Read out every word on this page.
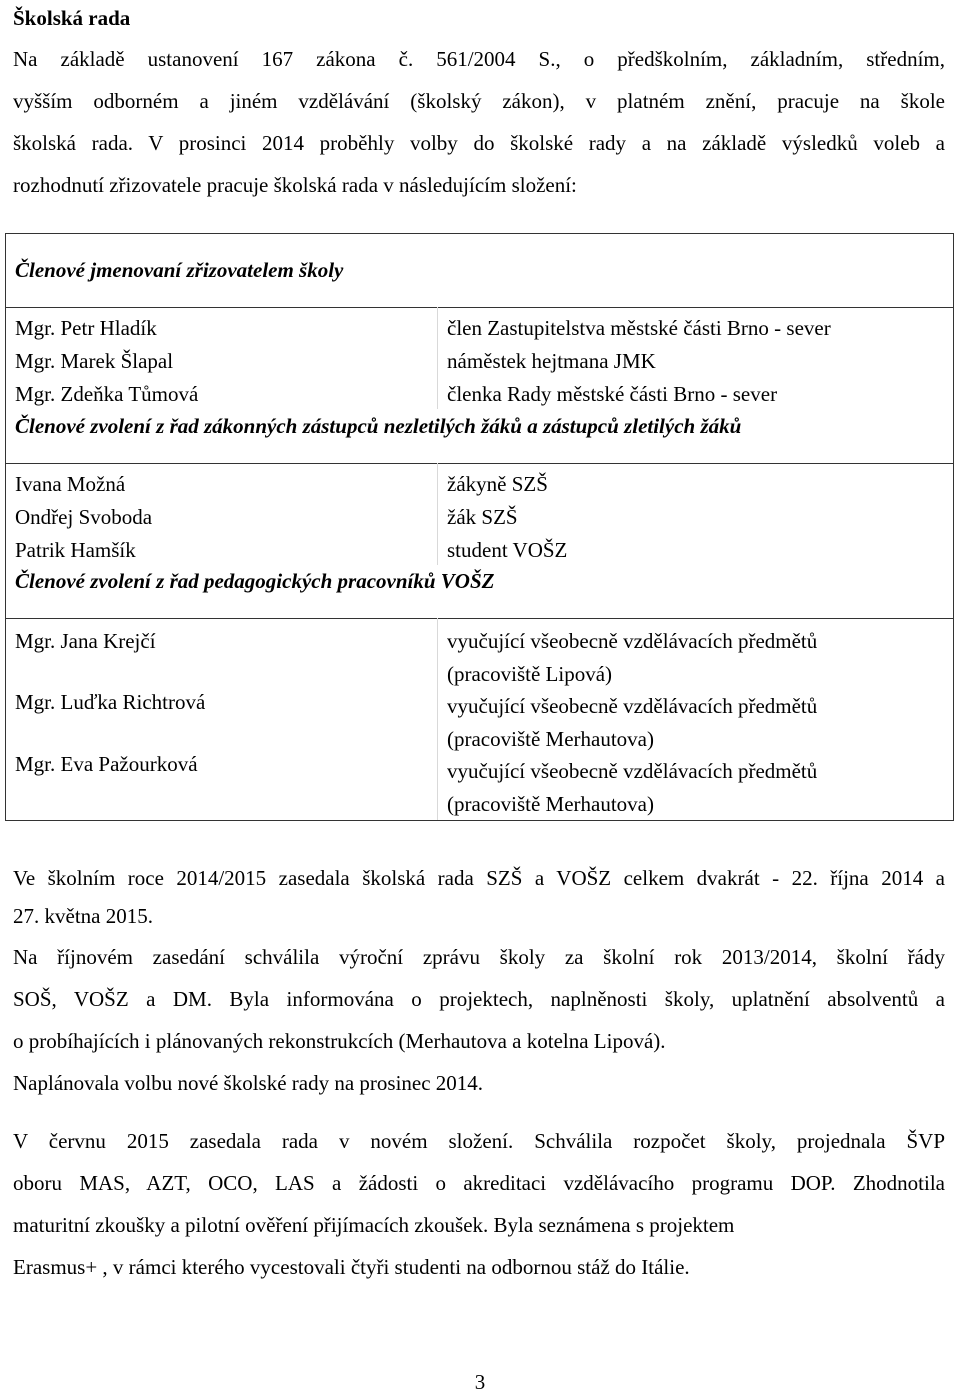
Školská rada
Na základě ustanovení 167 zákona č. 561/2004 S., o předškolním, základním, středním,
vyšším odborném a jiném vzdělávání (školský zákon), v platném znění, pracuje na škole
školská rada. V prosinci 2014 proběhly volby do školské rady a na základě výsledků voleb a
rozhodnutí zřizovatele pracuje školská rada v následujícím složení:
Členové jmenovaní zřizovatelem školy
Mgr. Petr Hladík	člen Zastupitelstva městské části Brno - sever
Mgr. Marek Šlapal	náměstek hejtmana JMK
Mgr. Zdeňka Tůmová	členka Rady městské části Brno - sever
Členové zvolení z řad zákonných zástupců nezletilých žáků a zástupců zletilých žáků
Ivana Možná	žákyně SZŠ
Ondřej Svoboda	žák SZŠ
Patrik Hamšík	student VOŠZ
Členové zvolení z řad pedagogických pracovníků VOŠZ
Mgr. Jana Krejčí	vyučující všeobecně vzdělávacích předmětů
(pracoviště Lipová)
Mgr. Luďka Richtrová	vyučující všeobecně vzdělávacích předmětů
(pracoviště Merhautova)
Mgr. Eva Pažourková	vyučující všeobecně vzdělávacích předmětů
(pracoviště Merhautova)
Ve školním roce 2014/2015 zasedala školská rada SZŠ a VOŠZ celkem dvakrát - 22. října 2014 a
27. května 2015.
Na říjnovém zasedání schválila výroční zprávu školy za školní rok 2013/2014, školní řády
SOŠ, VOŠZ a DM. Byla informována o projektech, naplněnosti školy, uplatnění absolventů a
o probíhajících i plánovaných rekonstrukcích (Merhautova a kotelna Lipová).
Naplánovala volbu nové školské rady na prosinec 2014.
V červnu 2015 zasedala rada v novém složení. Schválila rozpočet školy, projednala ŠVP
oboru MAS, AZT, OCO, LAS a žádosti o akreditaci vzdělávacího programu DOP. Zhodnotila
maturitní zkoušky a pilotní ověření přijímacích zkoušek. Byla seznámena s projektem
Erasmus+ , v rámci kterého vycestovali čtyři studenti na odbornou stáž do Itálie.
3
